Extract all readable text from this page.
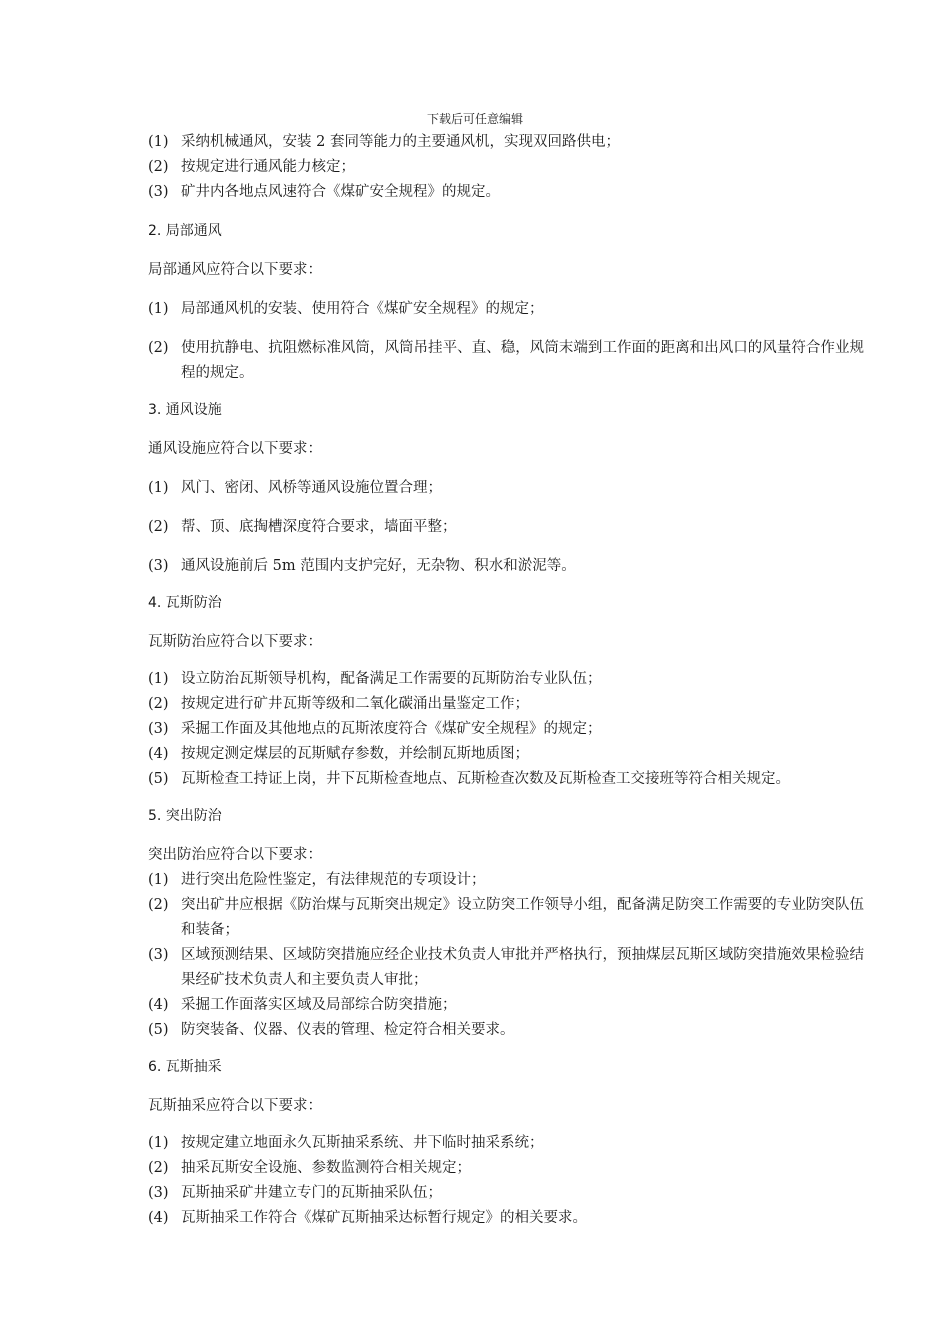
下载后可任意编辑
(1) 采纳机械通风，安装 2 套同等能力的主要通风机，实现双回路供电；
(2) 按规定进行通风能力核定；
(3) 矿井内各地点风速符合《煤矿安全规程》的规定。
2. 局部通风
局部通风应符合以下要求：
(1) 局部通风机的安装、使用符合《煤矿安全规程》的规定；
(2) 使用抗静电、抗阻燃标准风筒，风筒吊挂平、直、稳，风筒末端到工作面的距离和出风口的风量符合作业规程的规定。
3. 通风设施
通风设施应符合以下要求：
(1) 风门、密闭、风桥等通风设施位置合理；
(2) 帮、顶、底掏槽深度符合要求，墙面平整；
(3) 通风设施前后 5m 范围内支护完好，无杂物、积水和淤泥等。
4. 瓦斯防治
瓦斯防治应符合以下要求：
(1) 设立防治瓦斯领导机构，配备满足工作需要的瓦斯防治专业队伍；
(2) 按规定进行矿井瓦斯等级和二氧化碳涌出量鉴定工作；
(3) 采掘工作面及其他地点的瓦斯浓度符合《煤矿安全规程》的规定；
(4) 按规定测定煤层的瓦斯赋存参数，并绘制瓦斯地质图；
(5) 瓦斯检查工持证上岗，井下瓦斯检查地点、瓦斯检查次数及瓦斯检查工交接班等符合相关规定。
5. 突出防治
突出防治应符合以下要求：
(1) 进行突出危险性鉴定，有法律规范的专项设计；
(2) 突出矿井应根据《防治煤与瓦斯突出规定》设立防突工作领导小组，配备满足防突工作需要的专业防突队伍和装备；
(3) 区域预测结果、区域防突措施应经企业技术负责人审批并严格执行，预抽煤层瓦斯区域防突措施效果检验结果经矿技术负责人和主要负责人审批；
(4) 采掘工作面落实区域及局部综合防突措施；
(5) 防突装备、仪器、仪表的管理、检定符合相关要求。
6. 瓦斯抽采
瓦斯抽采应符合以下要求：
(1) 按规定建立地面永久瓦斯抽采系统、井下临时抽采系统；
(2) 抽采瓦斯安全设施、参数监测符合相关规定；
(3) 瓦斯抽采矿井建立专门的瓦斯抽采队伍；
(4) 瓦斯抽采工作符合《煤矿瓦斯抽采达标暂行规定》的相关要求。
